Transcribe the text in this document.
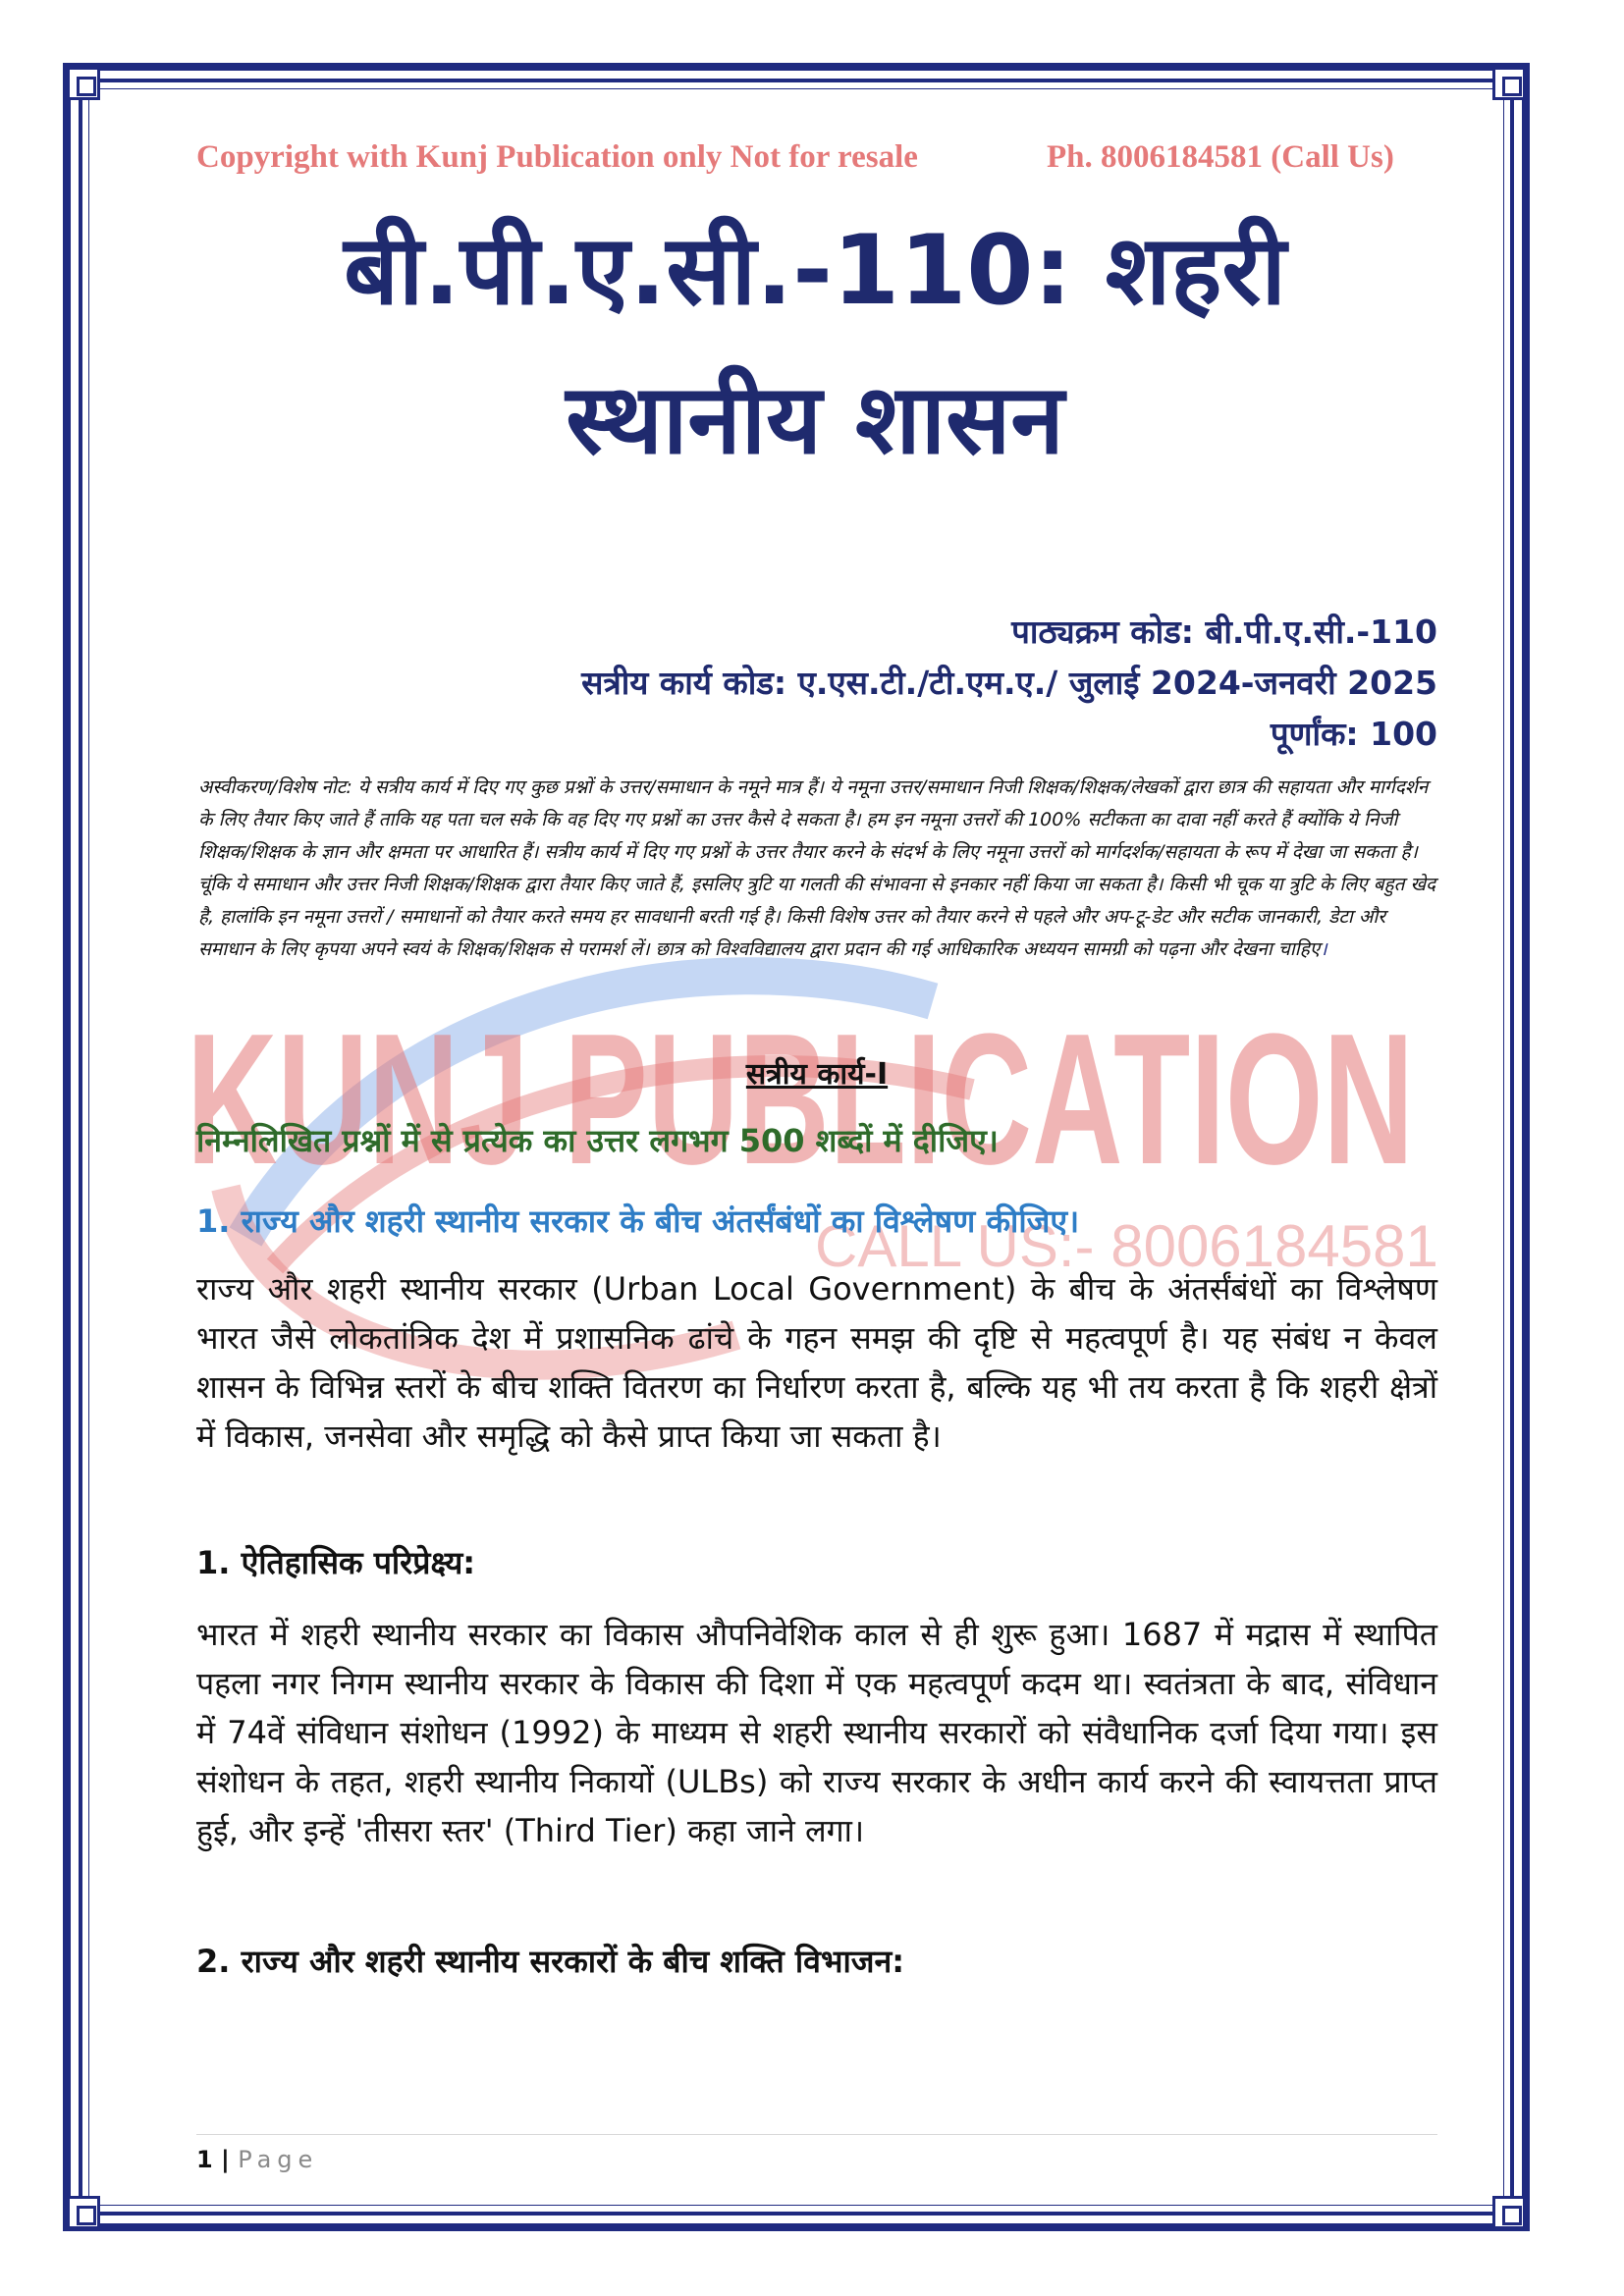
KUNJ PUBLICATION
CALL US:- 8006184581
Copyright with Kunj Publication only Not for resale	Ph. 8006184581 (Call Us)
बी.पी.ए.सी.-110: शहरी
स्थानीय शासन
पाठ्यक्रम कोड: बी.पी.ए.सी.-110
सत्रीय कार्य कोड: ए.एस.टी./टी.एम.ए./ जुलाई 2024-जनवरी 2025
पूर्णांक: 100
अस्वीकरण/विशेष नोट: ये सत्रीय कार्य में दिए गए कुछ प्रश्नों के उत्तर/समाधान के नमूने मात्र हैं। ये नमूना उत्तर/समाधान निजी शिक्षक/शिक्षक/लेखकों द्वारा छात्र की सहायता और मार्गदर्शन के लिए तैयार किए जाते हैं ताकि यह पता चल सके कि वह दिए गए प्रश्नों का उत्तर कैसे दे सकता है। हम इन नमूना उत्तरों की 100% सटीकता का दावा नहीं करते हैं क्योंकि ये निजी शिक्षक/शिक्षक के ज्ञान और क्षमता पर आधारित हैं। सत्रीय कार्य में दिए गए प्रश्नों के उत्तर तैयार करने के संदर्भ के लिए नमूना उत्तरों को मार्गदर्शक/सहायता के रूप में देखा जा सकता है। चूंकि ये समाधान और उत्तर निजी शिक्षक/शिक्षक द्वारा तैयार किए जाते हैं, इसलिए त्रुटि या गलती की संभावना से इनकार नहीं किया जा सकता है। किसी भी चूक या त्रुटि के लिए बहुत खेद है, हालांकि इन नमूना उत्तरों / समाधानों को तैयार करते समय हर सावधानी बरती गई है। किसी विशेष उत्तर को तैयार करने से पहले और अप-टू-डेट और सटीक जानकारी, डेटा और समाधान के लिए कृपया अपने स्वयं के शिक्षक/शिक्षक से परामर्श लें। छात्र को विश्वविद्यालय द्वारा प्रदान की गई आधिकारिक अध्ययन सामग्री को पढ़ना और देखना चाहिए।
सत्रीय कार्य-I
निम्नलिखित प्रश्नों में से प्रत्येक का उत्तर लगभग 500 शब्दों में दीजिए।
1. राज्य और शहरी स्थानीय सरकार के बीच अंतर्संबंधों का विश्लेषण कीजिए।
राज्य और शहरी स्थानीय सरकार (Urban Local Government) के बीच के अंतर्संबंधों का विश्लेषण भारत जैसे लोकतांत्रिक देश में प्रशासनिक ढांचे के गहन समझ की दृष्टि से महत्वपूर्ण है। यह संबंध न केवल शासन के विभिन्न स्तरों के बीच शक्ति वितरण का निर्धारण करता है, बल्कि यह भी तय करता है कि शहरी क्षेत्रों में विकास, जनसेवा और समृद्धि को कैसे प्राप्त किया जा सकता है।
1. ऐतिहासिक परिप्रेक्ष्य:
भारत में शहरी स्थानीय सरकार का विकास औपनिवेशिक काल से ही शुरू हुआ। 1687 में मद्रास में स्थापित पहला नगर निगम स्थानीय सरकार के विकास की दिशा में एक महत्वपूर्ण कदम था। स्वतंत्रता के बाद, संविधान में 74वें संविधान संशोधन (1992) के माध्यम से शहरी स्थानीय सरकारों को संवैधानिक दर्जा दिया गया। इस संशोधन के तहत, शहरी स्थानीय निकायों (ULBs) को राज्य सरकार के अधीन कार्य करने की स्वायत्तता प्राप्त हुई, और इन्हें 'तीसरा स्तर' (Third Tier) कहा जाने लगा।
2. राज्य और शहरी स्थानीय सरकारों के बीच शक्ति विभाजन:
1 | Page
